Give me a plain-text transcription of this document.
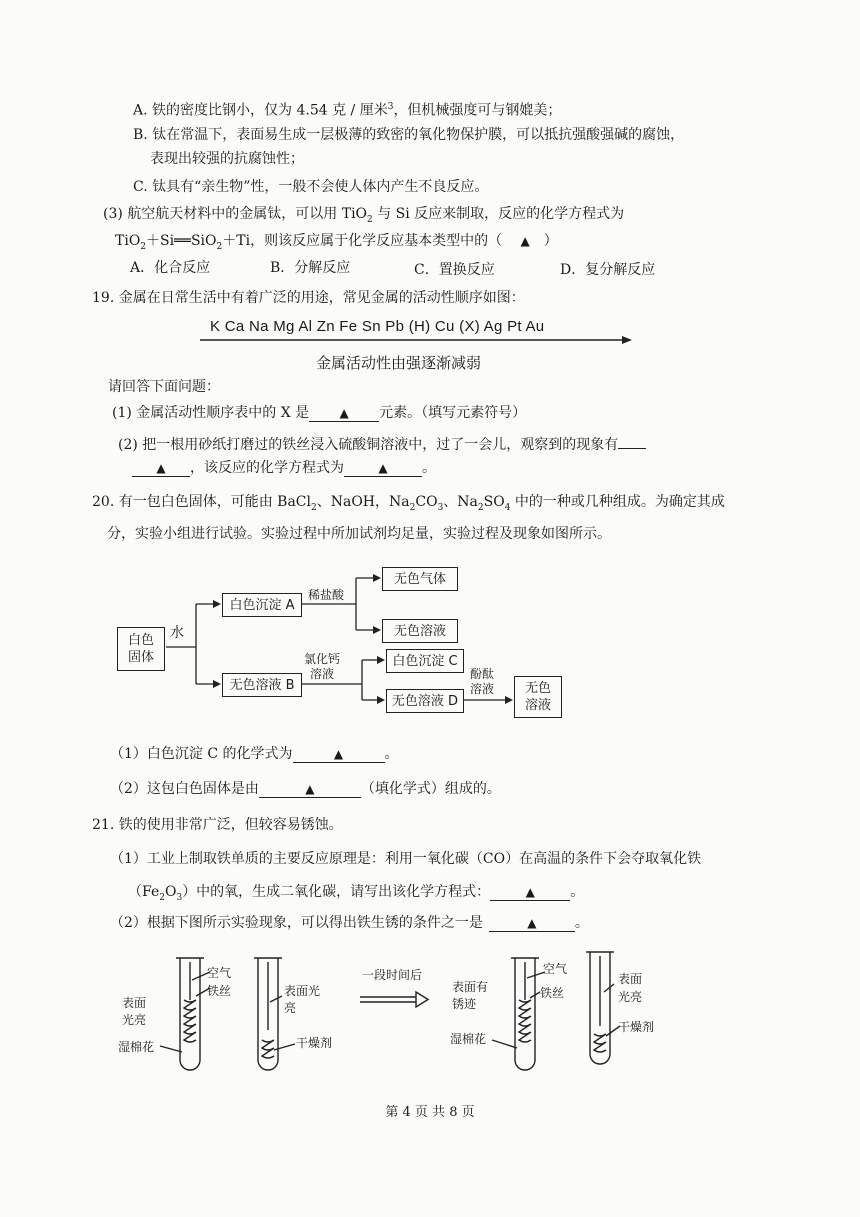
A. 铁的密度比钢小，仅为 4.54 克 / 厘米$^3$，但机械强度可与钢媲美；
B. 钛在常温下，表面易生成一层极薄的致密的氧化物保护膜，可以抵抗强酸强碱的腐蚀，
表现出较强的抗腐蚀性；
C. 钛具有“亲生物”性，一般不会使人体内产生不良反应。
(3) 航空航天材料中的金属钛，可以用 TiO$_2$ 与 Si 反应来制取，反应的化学方程式为
TiO$_2$＋Si══SiO$_2$＋Ti，则该反应属于化学反应基本类型中的（ ▲ ）
A．化合反应	B．分解反应	C．置换反应	D．复分解反应
19. 金属在日常生活中有着广泛的用途，常见金属的活动性顺序如图：
K Ca Na Mg Al Zn Fe Sn Pb (H) Cu (X) Ag Pt Au
金属活动性由强逐渐减弱
请回答下面问题：
(1) 金属活动性顺序表中的 X 是	▲ 元素。（填写元素符号）
(2) 把一根用砂纸打磨过的铁丝浸入硫酸铜溶液中，过了一会儿，观察到的现象有
▲ ，该反应的化学方程式为	▲ 。
20. 有一包白色固体，可能由 BaCl$_2$、NaOH，$Na_2CO_3$、$Na_2SO_4$ 中的一种或几种组成。为确定其成
分，实验小组进行试验。实验过程中所加试剂均足量，实验过程及现象如图所示。
白色固体
水
白色沉淀 A
稀盐酸
无色气体
无色溶液
无色溶液 B
氯化钙
溶液
白色沉淀 C
无色溶液 D
酚酞
溶液 无色溶液
（1）白色沉淀 C 的化学式为	▲	。
（2）这包白色固体是由	▲	（填化学式）组成的。
21. 铁的使用非常广泛，但较容易锈蚀。
（1）工业上制取铁单质的主要反应原理是：利用一氧化碳（CO）在高温的条件下会夺取氧化铁
$(Fe_2O_3)$中的氧，生成二氧化碳，请写出该化学方程式：	▲	。
（2）根据下图所示实验现象，可以得出铁生锈的条件之一是	▲	。
空气
表面
光亮
铁丝
湿棉花
表面光
亮
干燥剂
一段时间后	空气
表面有
锈迹
铁丝
湿棉花
表面
光亮
干燥剂
第 4 页 共 8 页
